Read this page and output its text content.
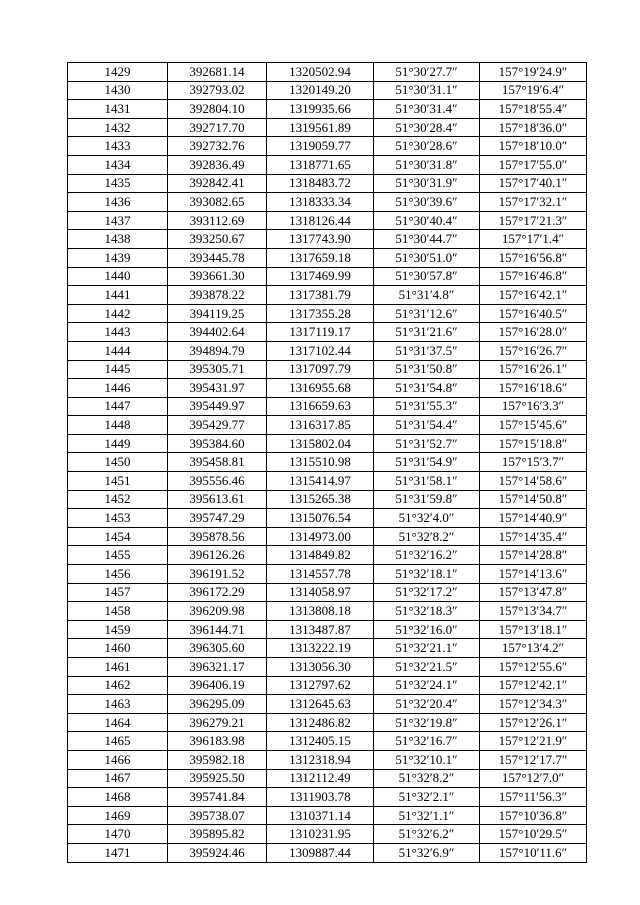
1429	392681.14	1320502.94	51°30′27.7″	157°19′24.9″
1430	392793.02	1320149.20	51°30′31.1″	157°19′6.4″
1431	392804.10	1319935.66	51°30′31.4″	157°18′55.4″
1432	392717.70	1319561.89	51°30′28.4″	157°18′36.0″
1433	392732.76	1319059.77	51°30′28.6″	157°18′10.0″
1434	392836.49	1318771.65	51°30′31.8″	157°17′55.0″
1435	392842.41	1318483.72	51°30′31.9″	157°17′40.1″
1436	393082.65	1318333.34	51°30′39.6″	157°17′32.1″
1437	393112.69	1318126.44	51°30′40.4″	157°17′21.3″
1438	393250.67	1317743.90	51°30′44.7″	157°17′1.4″
1439	393445.78	1317659.18	51°30′51.0″	157°16′56.8″
1440	393661.30	1317469.99	51°30′57.8″	157°16′46.8″
1441	393878.22	1317381.79	51°31′4.8″	157°16′42.1″
1442	394119.25	1317355.28	51°31′12.6″	157°16′40.5″
1443	394402.64	1317119.17	51°31′21.6″	157°16′28.0″
1444	394894.79	1317102.44	51°31′37.5″	157°16′26.7″
1445	395305.71	1317097.79	51°31′50.8″	157°16′26.1″
1446	395431.97	1316955.68	51°31′54.8″	157°16′18.6″
1447	395449.97	1316659.63	51°31′55.3″	157°16′3.3″
1448	395429.77	1316317.85	51°31′54.4″	157°15′45.6″
1449	395384.60	1315802.04	51°31′52.7″	157°15′18.8″
1450	395458.81	1315510.98	51°31′54.9″	157°15′3.7″
1451	395556.46	1315414.97	51°31′58.1″	157°14′58.6″
1452	395613.61	1315265.38	51°31′59.8″	157°14′50.8″
1453	395747.29	1315076.54	51°32′4.0″	157°14′40.9″
1454	395878.56	1314973.00	51°32′8.2″	157°14′35.4″
1455	396126.26	1314849.82	51°32′16.2″	157°14′28.8″
1456	396191.52	1314557.78	51°32′18.1″	157°14′13.6″
1457	396172.29	1314058.97	51°32′17.2″	157°13′47.8″
1458	396209.98	1313808.18	51°32′18.3″	157°13′34.7″
1459	396144.71	1313487.87	51°32′16.0″	157°13′18.1″
1460	396305.60	1313222.19	51°32′21.1″	157°13′4.2″
1461	396321.17	1313056.30	51°32′21.5″	157°12′55.6″
1462	396406.19	1312797.62	51°32′24.1″	157°12′42.1″
1463	396295.09	1312645.63	51°32′20.4″	157°12′34.3″
1464	396279.21	1312486.82	51°32′19.8″	157°12′26.1″
1465	396183.98	1312405.15	51°32′16.7″	157°12′21.9″
1466	395982.18	1312318.94	51°32′10.1″	157°12′17.7″
1467	395925.50	1312112.49	51°32′8.2″	157°12′7.0″
1468	395741.84	1311903.78	51°32′2.1″	157°11′56.3″
1469	395738.07	1310371.14	51°32′1.1″	157°10′36.8″
1470	395895.82	1310231.95	51°32′6.2″	157°10′29.5″
1471	395924.46	1309887.44	51°32′6.9″	157°10′11.6″
